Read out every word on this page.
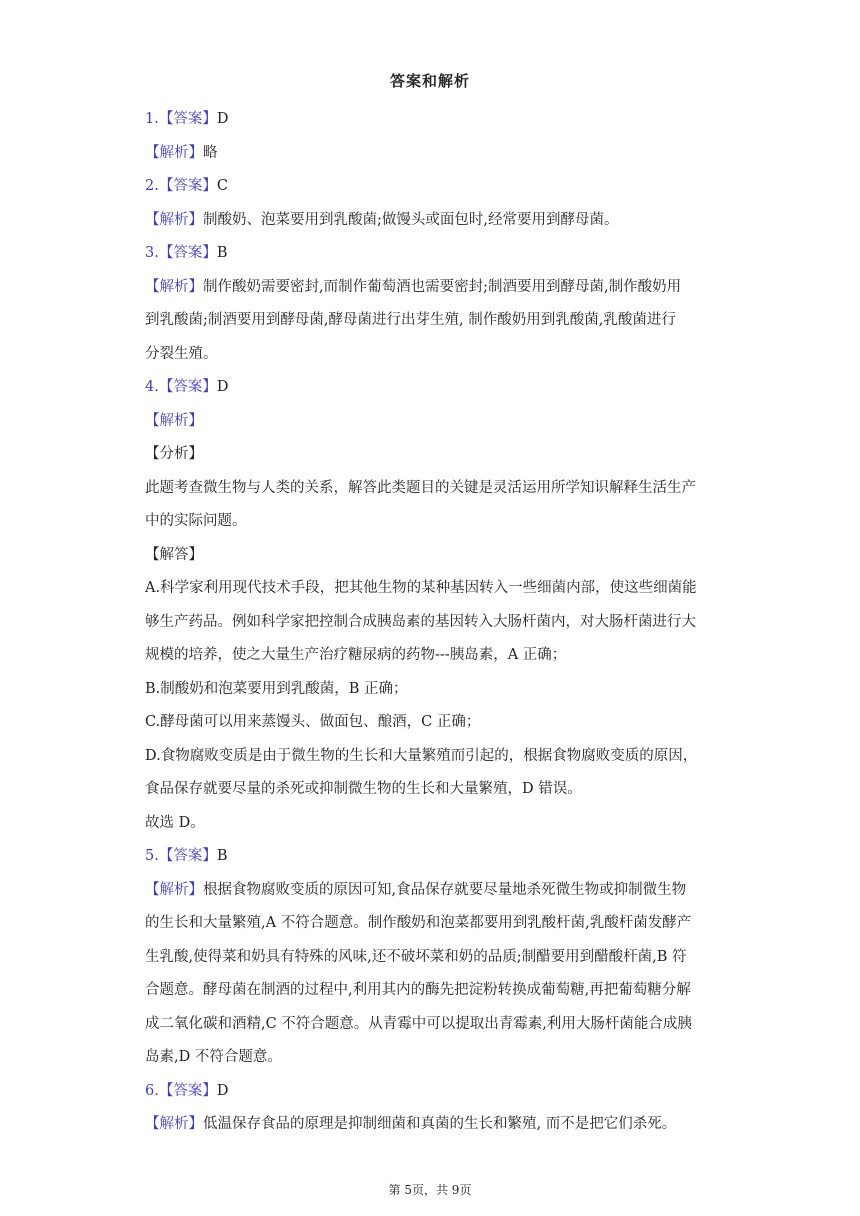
答案和解析
1.【答案】D
【解析】略
2.【答案】C
【解析】制酸奶、泡菜要用到乳酸菌;做馒头或面包时,经常要用到酵母菌。
3.【答案】B
【解析】制作酸奶需要密封,而制作葡萄酒也需要密封;制酒要用到酵母菌,制作酸奶用
到乳酸菌;制酒要用到酵母菌,酵母菌进行出芽生殖, 制作酸奶用到乳酸菌,乳酸菌进行
分裂生殖。
4.【答案】D
【解析】
【分析】
此题考查微生物与人类的关系，解答此类题目的关键是灵活运用所学知识解释生活生产
中的实际问题。
【解答】
A.科学家利用现代技术手段，把其他生物的某种基因转入一些细菌内部，使这些细菌能
够生产药品。例如科学家把控制合成胰岛素的基因转入大肠杆菌内，对大肠杆菌进行大
规模的培养，使之大量生产治疗糖尿病的药物---胰岛素，A 正确；
B.制酸奶和泡菜要用到乳酸菌，B 正确；
C.酵母菌可以用来蒸馒头、做面包、酿酒，C 正确；
D.食物腐败变质是由于微生物的生长和大量繁殖而引起的，根据食物腐败变质的原因，
食品保存就要尽量的杀死或抑制微生物的生长和大量繁殖，D 错误。
故选 D。
5.【答案】B
【解析】根据食物腐败变质的原因可知,食品保存就要尽量地杀死微生物或抑制微生物
的生长和大量繁殖,A 不符合题意。制作酸奶和泡菜都要用到乳酸杆菌,乳酸杆菌发酵产
生乳酸,使得菜和奶具有特殊的风味,还不破坏菜和奶的品质;制醋要用到醋酸杆菌,B 符
合题意。酵母菌在制酒的过程中,利用其内的酶先把淀粉转换成葡萄糖,再把葡萄糖分解
成二氧化碳和酒精,C 不符合题意。从青霉中可以提取出青霉素,利用大肠杆菌能合成胰
岛素,D 不符合题意。
6.【答案】D
【解析】低温保存食品的原理是抑制细菌和真菌的生长和繁殖, 而不是把它们杀死。
第 5页，共 9页
